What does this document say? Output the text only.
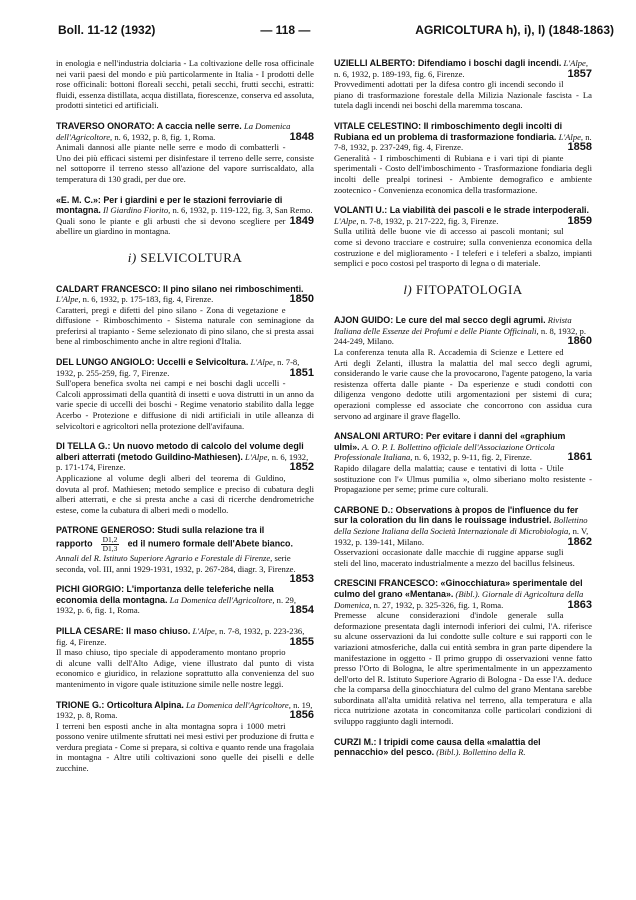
Boll. 11-12 (1932)	— 118 —	AGRICOLTURA h), i), l) (1848-1863)
in enologia e nell'industria dolciaria - La coltivazione delle rosa officinale nei varii paesi del mondo e più particolarmente in Italia - I prodotti delle rose officinali: bottoni floreali secchi, petali secchi, frutti secchi, estratti: fluidi, essenza distillata, acqua distillata, fiorescenze, conserva ed assoluta, prodotti sintetici ed artificiali.
TRAVERSO ONORATO: A caccia nelle serre. La Domenica dell'Agricoltore, n. 6, 1932, p. 8, fig. 1, Roma.	1848
Animali dannosi alle piante nelle serre e modo di combatterli - Uno dei più efficaci sistemi per disinfestare il terreno delle serre, consiste nel sottoporre il terreno stesso all'azione del vapore surriscaldato, alla temperatura di 130 gradi, per due ore.
«E. M. C.»: Per i giardini e per le stazioni ferroviarie di montagna. Il Giardino Fiorito, n. 6, 1932, p. 119-122, fig. 3, San Remo.
1849
Quali sono le piante e gli arbusti che si devono scegliere per abellire un giardino in montagna.
i) SELVICOLTURA
CALDART FRANCESCO: Il pino silano nei rimboschimenti. L'Alpe, n. 6, 1932, p. 175-183, fig. 4, Firenze.	1850
Caratteri, pregi e difetti del pino silano - Zona di vegetazione e diffusione - Rimboschimento - Sistema naturale con seminagione da preferirsi al trapianto - Seme selezionato di pino silano, che si presta assai bene al rimboschimento anche in altre regioni d'Italia.
DEL LUNGO ANGIOLO: Uccelli e Selvicoltura. L'Alpe, n. 7-8, 1932, p. 255-259, fig. 7, Firenze.	1851
Sull'opera benefica svolta nei campi e nei boschi dagli uccelli - Calcoli approssimati della quantità di insetti e uova distrutti in un anno da varie specie di uccelli dei boschi - Regime venatorio stabilito dalla legge Acerbo - Protezione e diffusione di nidi artificiali in utile alleanza di selvicoltori e agricoltori nella protezione dell'avifauna.
DI TELLA G.: Un nuovo metodo di calcolo del volume degli alberi atterrati (metodo Guildino-Mathiesen). L'Alpe, n. 6, 1932, p. 171-174, Firenze.	1852
Applicazione al volume degli alberi del teorema di Guldino, dovuta al prof. Mathiesen; metodo semplice e preciso di cubatura degli alberi atterrati, e che si presta anche a casi di ricerche dendrometriche estese, come la cubatura di alberi medi o modello.
PATRONE GENEROSO: Studi sulla relazione tra il
rapporto $\frac{D1,2}{D1,3}$ ed il numero formale dell'Abete bianco. Annali del R. Istituto Superiore Agrario e Forestale di Firenze, serie seconda, vol. III, anni 1929-1931, 1932, p. 267-284, diagr. 3, Firenze.
1853
PICHI GIORGIO: L'importanza delle teleferiche nella economia della montagna. La Domenica dell'Agricoltore, n. 29, 1932, p. 6, fig. 1, Roma.	1854
PILLA CESARE: Il maso chiuso. L'Alpe, n. 7-8, 1932, p. 223-236, fig. 4, Firenze.	1855
Il maso chiuso, tipo speciale di appoderamento montano proprio di alcune valli dell'Alto Adige, viene illustrato dal punto di vista economico e giuridico, in relazione soprattutto alla convenienza del suo mantenimento in vigore quale istituzione simile nelle nostre leggi.
TRIONE G.: Orticoltura Alpina. La Domenica dell'Agricoltore, n. 19, 1932, p. 8, Roma.	1856
I terreni ben esposti anche in alta montagna sopra i 1000 metri possono venire utilmente sfruttati nei mesi estivi per produzione di frutta e verdura pregiata - Come si prepara, si coltiva e quanto rende una fragolaia in montagna - Altre utili coltivazioni sono quelle dei piselli e delle zucchine.
UZIELLI ALBERTO: Difendiamo i boschi dagli incendi. L'Alpe, n. 6, 1932, p. 189-193, fig. 6, Firenze.	1857
Provvedimenti adottati per la difesa contro gli incendi secondo il piano di trasformazione forestale della Milizia Nazionale fascista - La tutela dagli incendi nei boschi della maremma toscana.
VITALE CELESTINO: Il rimboschimento degli incolti di Rubiana ed un problema di trasformazione fondiaria. L'Alpe, n. 7-8, 1932, p. 237-249, fig. 4, Firenze.	1858
Generalità - I rimboschimenti di Rubiana e i vari tipi di piante sperimentali - Costo dell'imboschimento - Trasformazione fondiaria degli incolti delle prealpi torinesi - Ambiente demografico e ambiente zootecnico - Convenienza economica della trasformazione.
VOLANTI U.: La viabilità dei pascoli e le strade interpoderali. L'Alpe, n. 7-8, 1932, p. 217-222, fig. 3, Firenze.	1859
Sulla utilità delle buone vie di accesso ai pascoli montani; sul come si devono tracciare e costruire; sulla convenienza economica della costruzione e del miglioramento - I teleferi e i teleferi a sbalzo, impianti semplici e poco costosi pel trasporto di legna o di materiale.
l) FITOPATOLOGIA
AJON GUIDO: Le cure del mal secco degli agrumi. Rivista Italiana delle Essenze dei Profumi e delle Piante Officinali, n. 8, 1932, p. 244-249, Milano.	1860
La conferenza tenuta alla R. Accademia di Scienze e Lettere ed Arti degli Zelanti, illustra la malattia del mal secco degli agrumi, considerando le varie cause che la provocarono, l'agente patogeno, la varia resistenza offerta dalle piante - Da esperienze e studi condotti con diligenza vengono dedotte utili argomentazioni per sistemi di cura; operazioni complesse ed associate che concorrono con assidua cura servono ad arginare il grave flagello.
ANSALONI ARTURO: Per evitare i danni del «graphium ulmi». A. O. P. I. Bollettino officiale dell'Associazione Orticola Professionale Italiana, n. 6, 1932, p. 9-11, fig. 2, Firenze.	1861
Rapido dilagare della malattia; cause e tentativi di lotta - Utile sostituzione con l'« Ulmus pumilia », olmo siberiano molto resistente - Propagazione per seme; prime cure colturali.
CARBONE D.: Observations à propos de l'influence du fer sur la coloration du lin dans le rouissage industriel. Bollettino della Sezione Italiana della Società Internazionale di Microbiologia, n. V, 1932, p. 139-141, Milano.	1862
Osservazioni occasionate dalle macchie di ruggine apparse sugli steli del lino, macerato industrialmente a mezzo del bacillus felsineus.
CRESCINI FRANCESCO: «Ginocchiatura» sperimentale del culmo del grano «Mentana». (Bibl.). Giornale di Agricoltura della Domenica, n. 27, 1932, p. 325-326, fig. 1, Roma.	1863
Premesse alcune considerazioni d'indole generale sulla deformazione presentata dagli internodi inferiori dei culmi, l'A. riferisce su alcune osservazioni da lui condotte sulle colture e sui rapporti con le variazioni atmosferiche, dalla cui entità sembra in gran parte dipendere la manifestazione in oggetto - Il primo gruppo di osservazioni venne fatto presso l'Orto di Bologna, le altre sperimentalmente in un appezzamento dell'orto del R. Istituto Superiore Agrario di Bologna - Da esse l'A. deduce che la comparsa della ginocchiatura del culmo del grano Mentana sarebbe subordinata all'alta umidità relativa nel terreno, alla temperatura e alla ricca nutrizione azotata in concomitanza colle particolari condizioni di sviluppo raggiunto dagli internodi.
CURZI M.: I tripidi come causa della «malattia del pennacchio» del pesco. (Bibl.). Bollettino della R.
